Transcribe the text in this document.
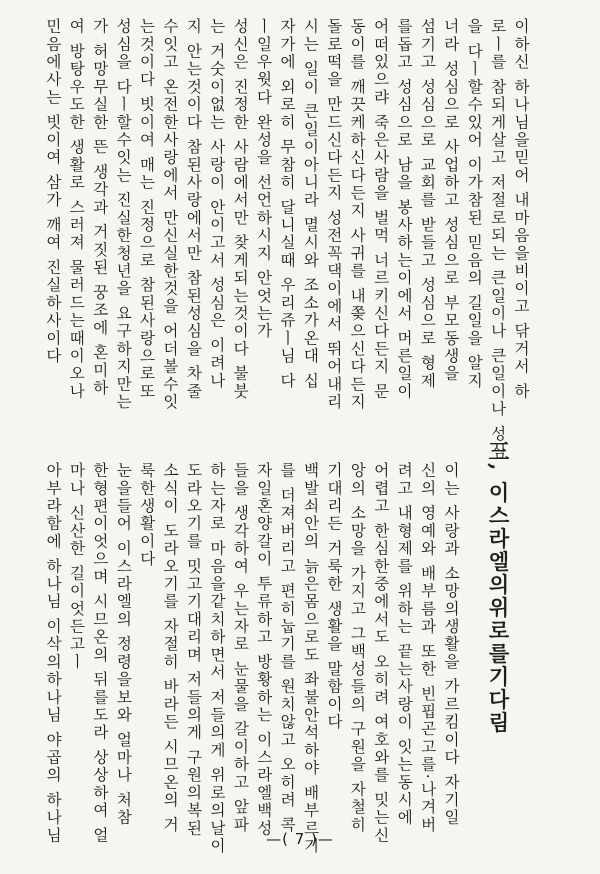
이하신 하나님을믿어 내마음을비이고 닦거서 하
로ㅣ를 참되게살고 저절로되는 큰일이나 큰일이나 성심
을 다ㅣ할수있어 이가참된 믿음의 길일을 알지
너라 성심으로 사업하고 성심으로 부모동생을
섬기고 성심으로 교회를 받들고 성심으로 형제
를돕고 성심으로 남을 봉사하는이에서 머른일이
어떠있으랴 죽은사람을 벌먹 너르키신다든지 문
동이를 깨끗케하신다든지 사귀를 내쫒으신다든지
돌로떡을 만드신다든지 성전꼭댁이에서 뛰어내리
시는 일이 큰일이아니라 멸시와 조소가온대 십
자가에 외로히 무참히 달니실때 우리쥬ㅣ님 다
ㅣ일우웟다 완성을 선언하시지 안엇는가
성신은 진정한 사람에서만 찾게되는것이다 불붓
는 거숫이없는 사랑이 안이고서 성심은 이려나
지 안는것이다 참된사랑에서만 참된성심을 차줄
수잇고 온전한사랑에서 만신실한것을 어더볼수잇
는것이다 빗이여 매는 진정으로 참된사랑으로또
성심을 다ㅣ할수잇는 진실한청년을 요구하지만는
가 허망무실한 뜬 생각과 거짓된 꿍조에 혼미하
여 방탕우도한 생활로 스러져 물러드는때이오나
민음에사는 빗이여 삼가 깨여 진실하사이다
三, 이스라엘의위로를기다림
이는 사랑과 소망의생활을 가르킴이다 자기일
신의 영예와 배부름과 또한 빈핍곤고를·나겨버
려고 내형제를 위하는 끝는사랑이 잇는동시에
어렵고 한심한중에서도 오히려 여호와를 밋는신
앙의 소망을 가지고 그백성들의 구원을 자철히
기대리든 거룩한 생활을 말함이다
백발쇠안의 늙은몸으로도 좌불안석하야 배부르기
를 더져버리고 편히눕기를 원치않고 오히려 콕
자일혼양갈이 투류하고 방황하는 이스라엘백성
들을 생각하여 우는자로 눈물을 갈이하고 앞파
하는자로 마음을같치하면서 저들의게 위로의날이
도라오기를 밋고기대리며 저들의게 구원의복된
소식이 도라오기를 자절히 바라든 시므온의 거
룩한생활이다
눈을들어 이스라엘의 정령을보와 얼마나 처참
한형편이엇으며 시므온의 뒤를도라 상상하여 얼
마나 신산한 길이엇든고ㅣ
아부라함에 하나님 이삭의하나님 야곱의 하나님	—( 7 )—
